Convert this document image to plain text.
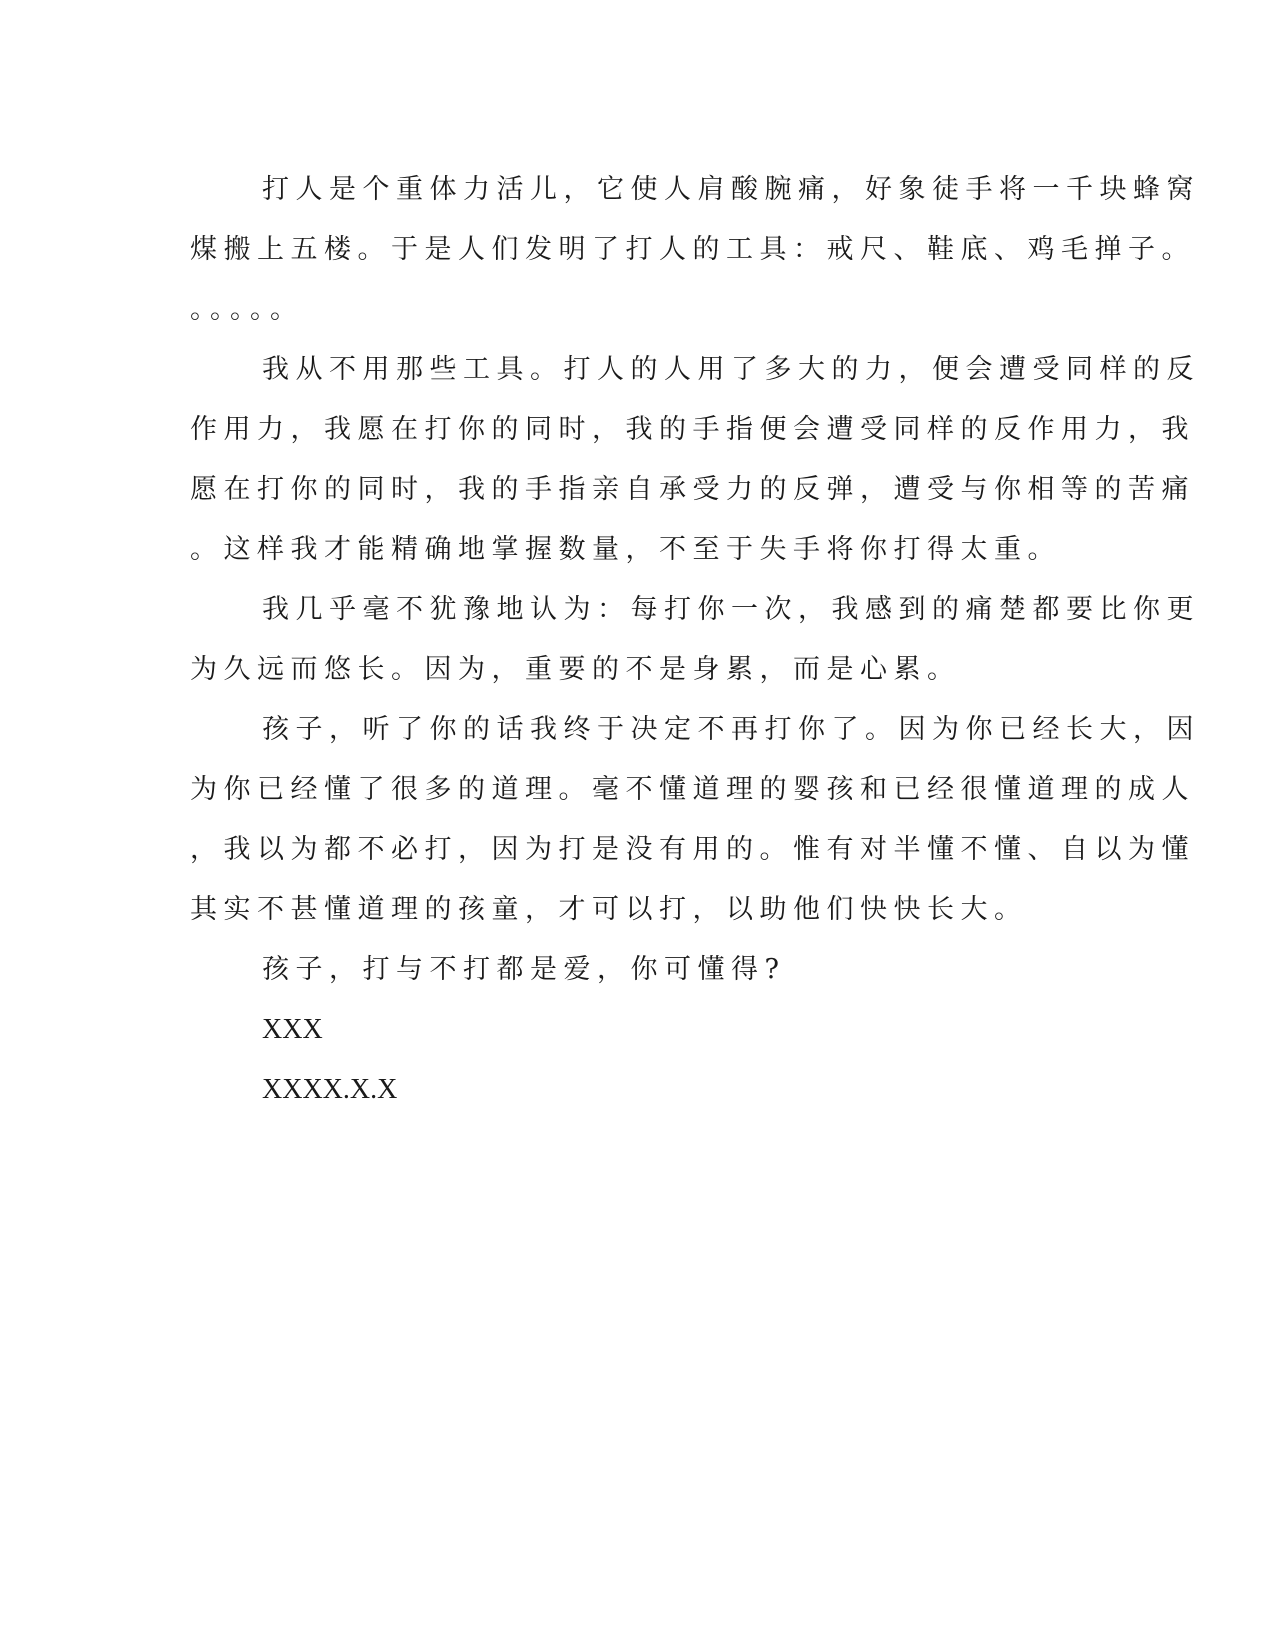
打人是个重体力活儿，它使人肩酸腕痛，好象徒手将一千块蜂窝
煤搬上五楼。于是人们发明了打人的工具：戒尺、鞋底、鸡毛掸子。
。。。。。
我从不用那些工具。打人的人用了多大的力，便会遭受同样的反
作用力，我愿在打你的同时，我的手指便会遭受同样的反作用力，我
愿在打你的同时，我的手指亲自承受力的反弹，遭受与你相等的苦痛
。这样我才能精确地掌握数量，不至于失手将你打得太重。
我几乎毫不犹豫地认为：每打你一次，我感到的痛楚都要比你更
为久远而悠长。因为，重要的不是身累，而是心累。
孩子，听了你的话我终于决定不再打你了。因为你已经长大，因
为你已经懂了很多的道理。毫不懂道理的婴孩和已经很懂道理的成人
，我以为都不必打，因为打是没有用的。惟有对半懂不懂、自以为懂
其实不甚懂道理的孩童，才可以打，以助他们快快长大。
孩子，打与不打都是爱，你可懂得?
XXX
XXXX.X.X
